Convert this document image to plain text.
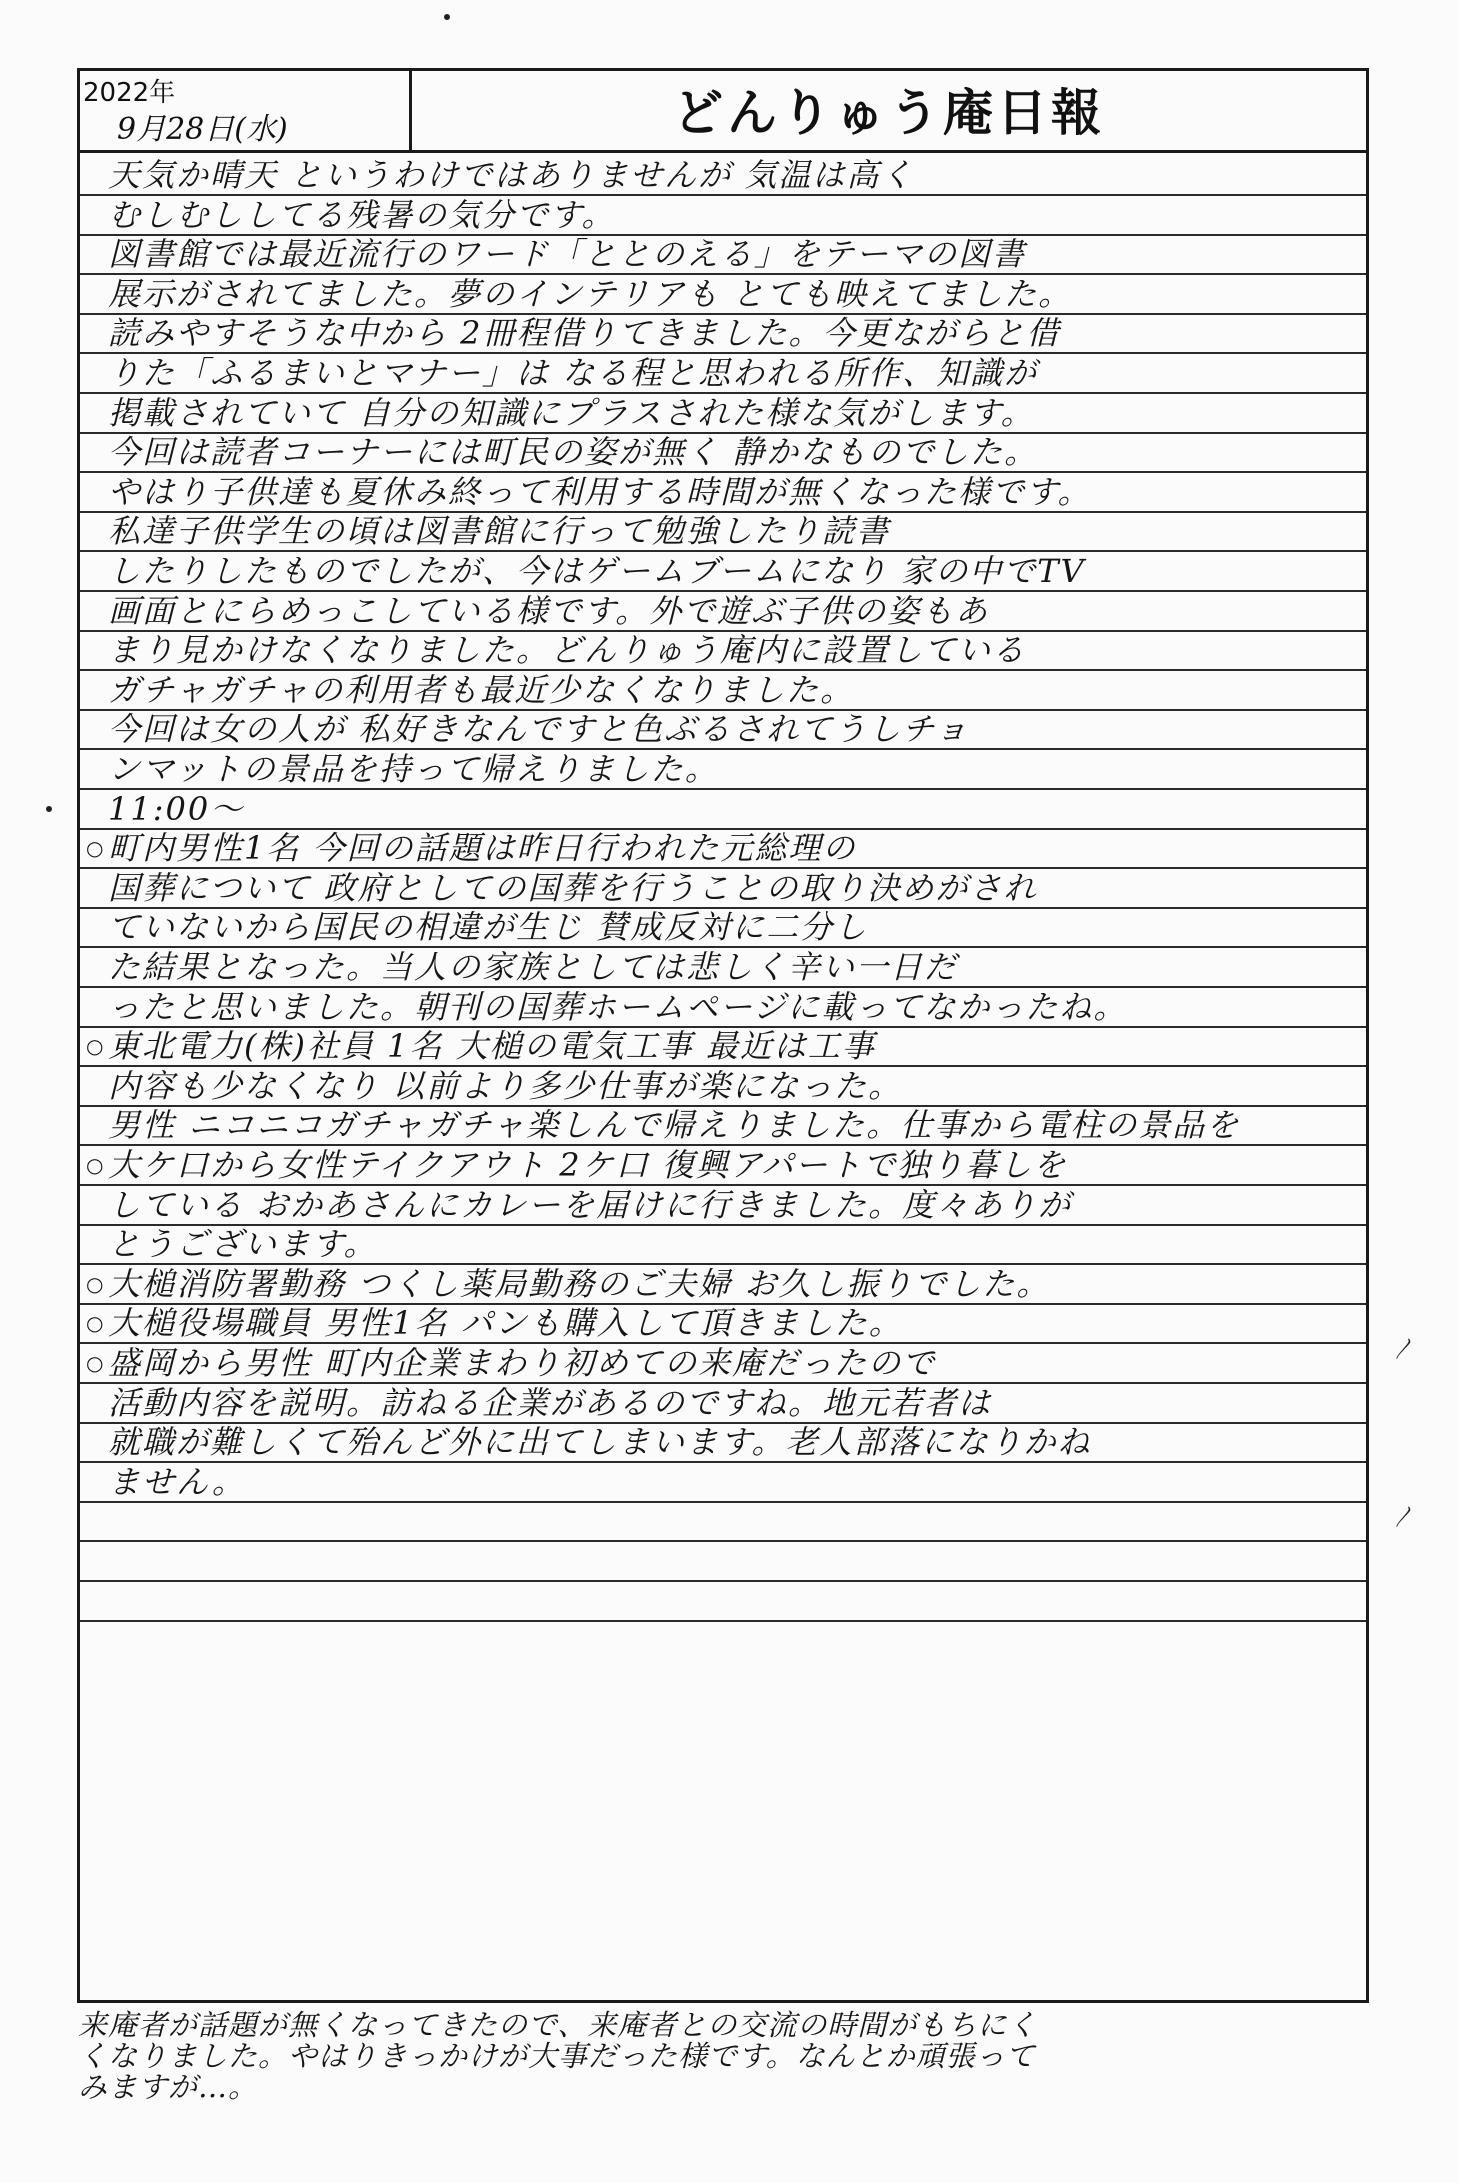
2022年
9月28日(水)	どんりゅう庵日報
天気か晴天 というわけではありませんが 気温は高く
むしむししてる残暑の気分です。
図書館では最近流行のワード「ととのえる」をテーマの図書
展示がされてました。夢のインテリアも とても映えてました。
読みやすそうな中から 2冊程借りてきました。今更ながらと借
りた「ふるまいとマナー」は なる程と思われる所作、知識が
掲載されていて 自分の知識にプラスされた様な気がします。
今回は読者コーナーには町民の姿が無く 静かなものでした。
やはり子供達も夏休み終って利用する時間が無くなった様です。
私達子供学生の頃は図書館に行って勉強したり読書
したりしたものでしたが、今はゲームブームになり 家の中でTV
画面とにらめっこしている様です。外で遊ぶ子供の姿もあ
まり見かけなくなりました。どんりゅう庵内に設置している
ガチャガチャの利用者も最近少なくなりました。
今回は女の人が 私好きなんですと色ぶるされてうしチョ
ンマットの景品を持って帰えりました。
11:00〜
○ 町内男性1名 今回の話題は昨日行われた元総理の
国葬について 政府としての国葬を行うことの取り決めがされ
ていないから国民の相違が生じ 賛成反対に二分し
た結果となった。当人の家族としては悲しく辛い一日だ
ったと思いました。朝刊の国葬ホームページに載ってなかったね。
○ 東北電力(株)社員 1名 大槌の電気工事 最近は工事
内容も少なくなり 以前より多少仕事が楽になった。
男性 ニコニコガチャガチャ楽しんで帰えりました。仕事から電柱の景品を
○ 大ケ口から女性テイクアウト 2ケ口 復興アパートで独り暮しを
している おかあさんにカレーを届けに行きました。度々ありが
とうございます。
○ 大槌消防署勤務 つくし薬局勤務のご夫婦 お久し振りでした。
○ 大槌役場職員 男性1名 パンも購入して頂きました。
○ 盛岡から男性 町内企業まわり初めての来庵だったので
活動内容を説明。訪ねる企業があるのですね。地元若者は
就職が難しくて殆んど外に出てしまいます。老人部落になりかね
ません。
来庵者が話題が無くなってきたので、来庵者との交流の時間がもちにく
くなりました。やはりきっかけが大事だった様です。なんとか頑張って
みますが…。
〳
〳
